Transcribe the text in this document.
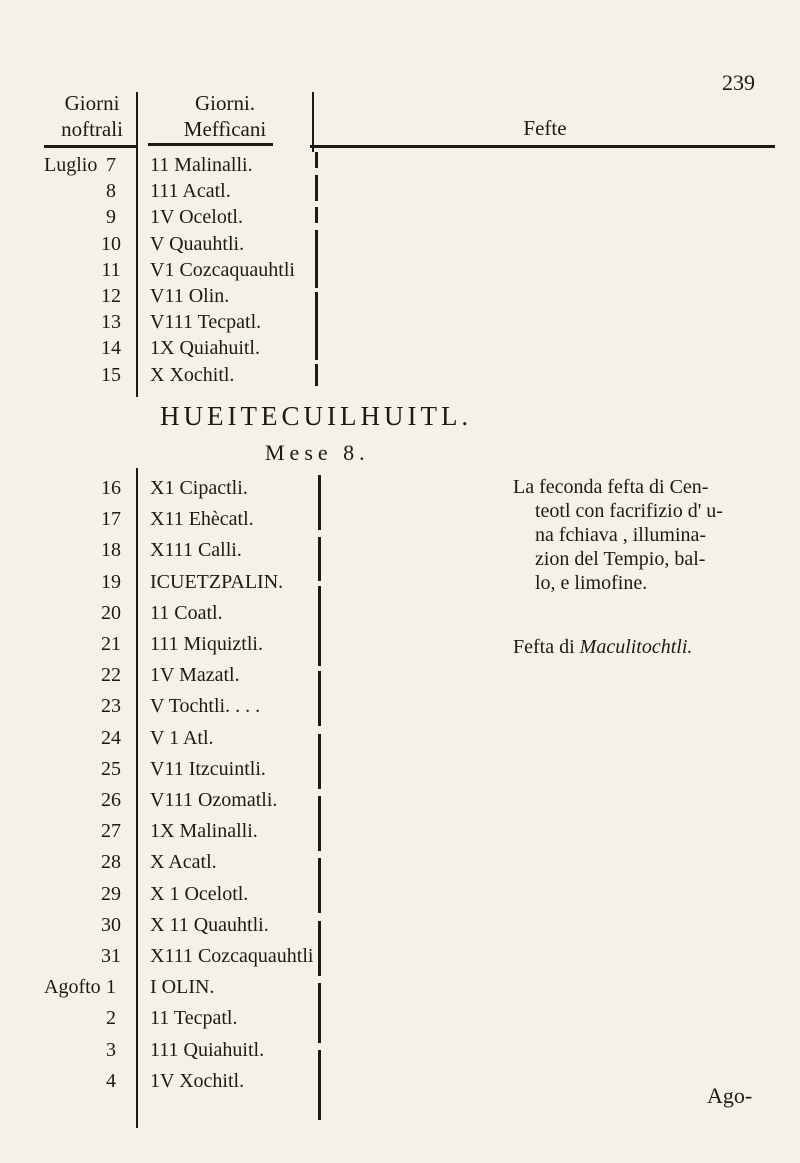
239
Giorni
noftrali
Giorni.
Meffìcani	Fefte
Luglio 7	11 Malinalli.
8	111 Acatl.
9	1V Ocelotl.
10	V Quauhtli.
11	V1 Cozcaquauhtli
12	V11 Olin.
13	V111 Tecpatl.
14	1X Quiahuitl.
15	X Xochitl.
HUEITECUILHUITL.
Mese 8.
16	X1 Cipactli.
17	X11 Ehècatl.
18	X111 Calli.
19	ICUETZPALIN.
20	11 Coatl.
21	111 Miquiztli.
22	1V Mazatl.
23	V Tochtli. . . .
24	V 1 Atl.
25	V11 Itzcuintli.
26	V111 Ozomatli.
27	1X Malinalli.
28	X Acatl.
29	X 1 Ocelotl.
30	X 11 Quauhtli.
31	X111 Cozcaquauhtli
Agofto 1	I OLIN.
2	11 Tecpatl.
3	111 Quiahuitl.
4	1V Xochitl.
La feconda fefta di Cen-
teotl con facrifizio d' u-
na fchiava , illumina-
zion del Tempio, bal-
lo, e limofine.
Fefta di Maculitochtli.
Ago-
